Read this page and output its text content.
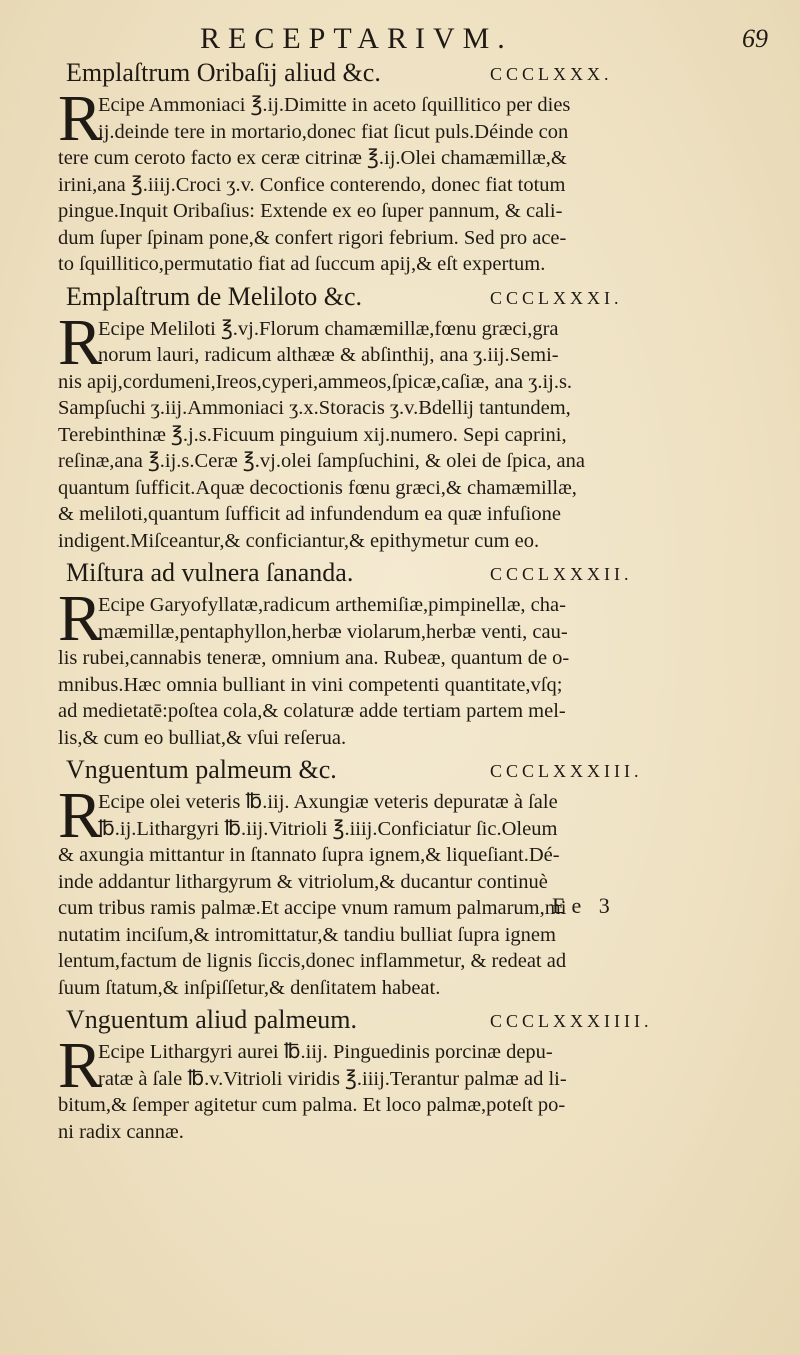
RECEPTARIVM.	69
Emplaſtrum Oribaſij aliud &c.	CCCLXXX.
R
Ecipe Ammoniaci ℥.ij.Dimitte in aceto ſquillitico per dies
ij.deinde tere in mortario,donec fiat ſicut puls.Déinde con
tere cum ceroto facto ex ceræ citrinæ ℥.ij.Olei chamæmillæ,&
irini,ana ℥.iiij.Croci ʒ.v. Confice conterendo, donec fiat totum
pingue.Inquit Oribaſius: Extende ex eo ſuper pannum, & cali-
dum ſuper ſpinam pone,& confert rigori febrium. Sed pro ace-
to ſquillitico,permutatio fiat ad ſuccum apij,& eſt expertum.
Emplaſtrum de Meliloto &c.	CCCLXXXI.
R
Ecipe Meliloti ℥.vj.Florum chamæmillæ,fœnu græci,gra
norum lauri, radicum althææ & abſinthij, ana ʒ.iij.Semi-
nis apij,cordumeni,Ireos,cyperi,ammeos,ſpicæ,caſiæ, ana ʒ.ij.s.
Sampſuchi ʒ.iij.Ammoniaci ʒ.x.Storacis ʒ.v.Bdellij tantundem,
Terebinthinæ ℥.j.s.Ficuum pinguium xij.numero. Sepi caprini,
reſinæ,ana ℥.ij.s.Ceræ ℥.vj.olei ſampſuchini, & olei de ſpica, ana
quantum ſufficit.Aquæ decoctionis fœnu græci,& chamæmillæ,
& meliloti,quantum ſufficit ad infundendum ea quæ infuſione
indigent.Miſceantur,& conficiantur,& epithymetur cum eo.
Miſtura ad vulnera ſananda.	CCCLXXXII.
R
Ecipe Garyofyllatæ,radicum arthemiſiæ,pimpinellæ, cha-
mæmillæ,pentaphyllon,herbæ violarum,herbæ venti, cau-
lis rubei,cannabis teneræ, omnium ana. Rubeæ, quantum de o-
mnibus.Hæc omnia bulliant in vini competenti quantitate,vſq;
ad medietatē:poſtea cola,& colaturæ adde tertiam partem mel-
lis,& cum eo bulliat,& vſui reſerua.
Vnguentum palmeum &c.	CCCLXXXIII.
R
Ecipe olei veteris ℔.iij. Axungiæ veteris depuratæ à ſale
℔.ij.Lithargyri ℔.iij.Vitrioli ℥.iiij.Conficiatur ſic.Oleum
& axungia mittantur in ſtannato ſupra ignem,& liqueſiant.Dé-
inde addantur lithargyrum & vitriolum,& ducantur continuè
cum tribus ramis palmæ.Et accipe vnum ramum palmarum,mi
nutatim inciſum,& intromittatur,& tandiu bulliat ſupra ignem
lentum,factum de lignis ſiccis,donec inflammetur, & redeat ad
ſuum ſtatum,& inſpiſſetur,& denſitatem habeat.
Vnguentum aliud palmeum.	CCCLXXXIIII.
R
Ecipe Lithargyri aurei ℔.iij. Pinguedinis porcinæ depu-
ratæ à ſale ℔.v.Vitrioli viridis ℥.iiij.Terantur palmæ ad li-
bitum,& ſemper agitetur cum palma. Et loco palmæ,poteſt po-
ni radix cannæ.
Ee 3
